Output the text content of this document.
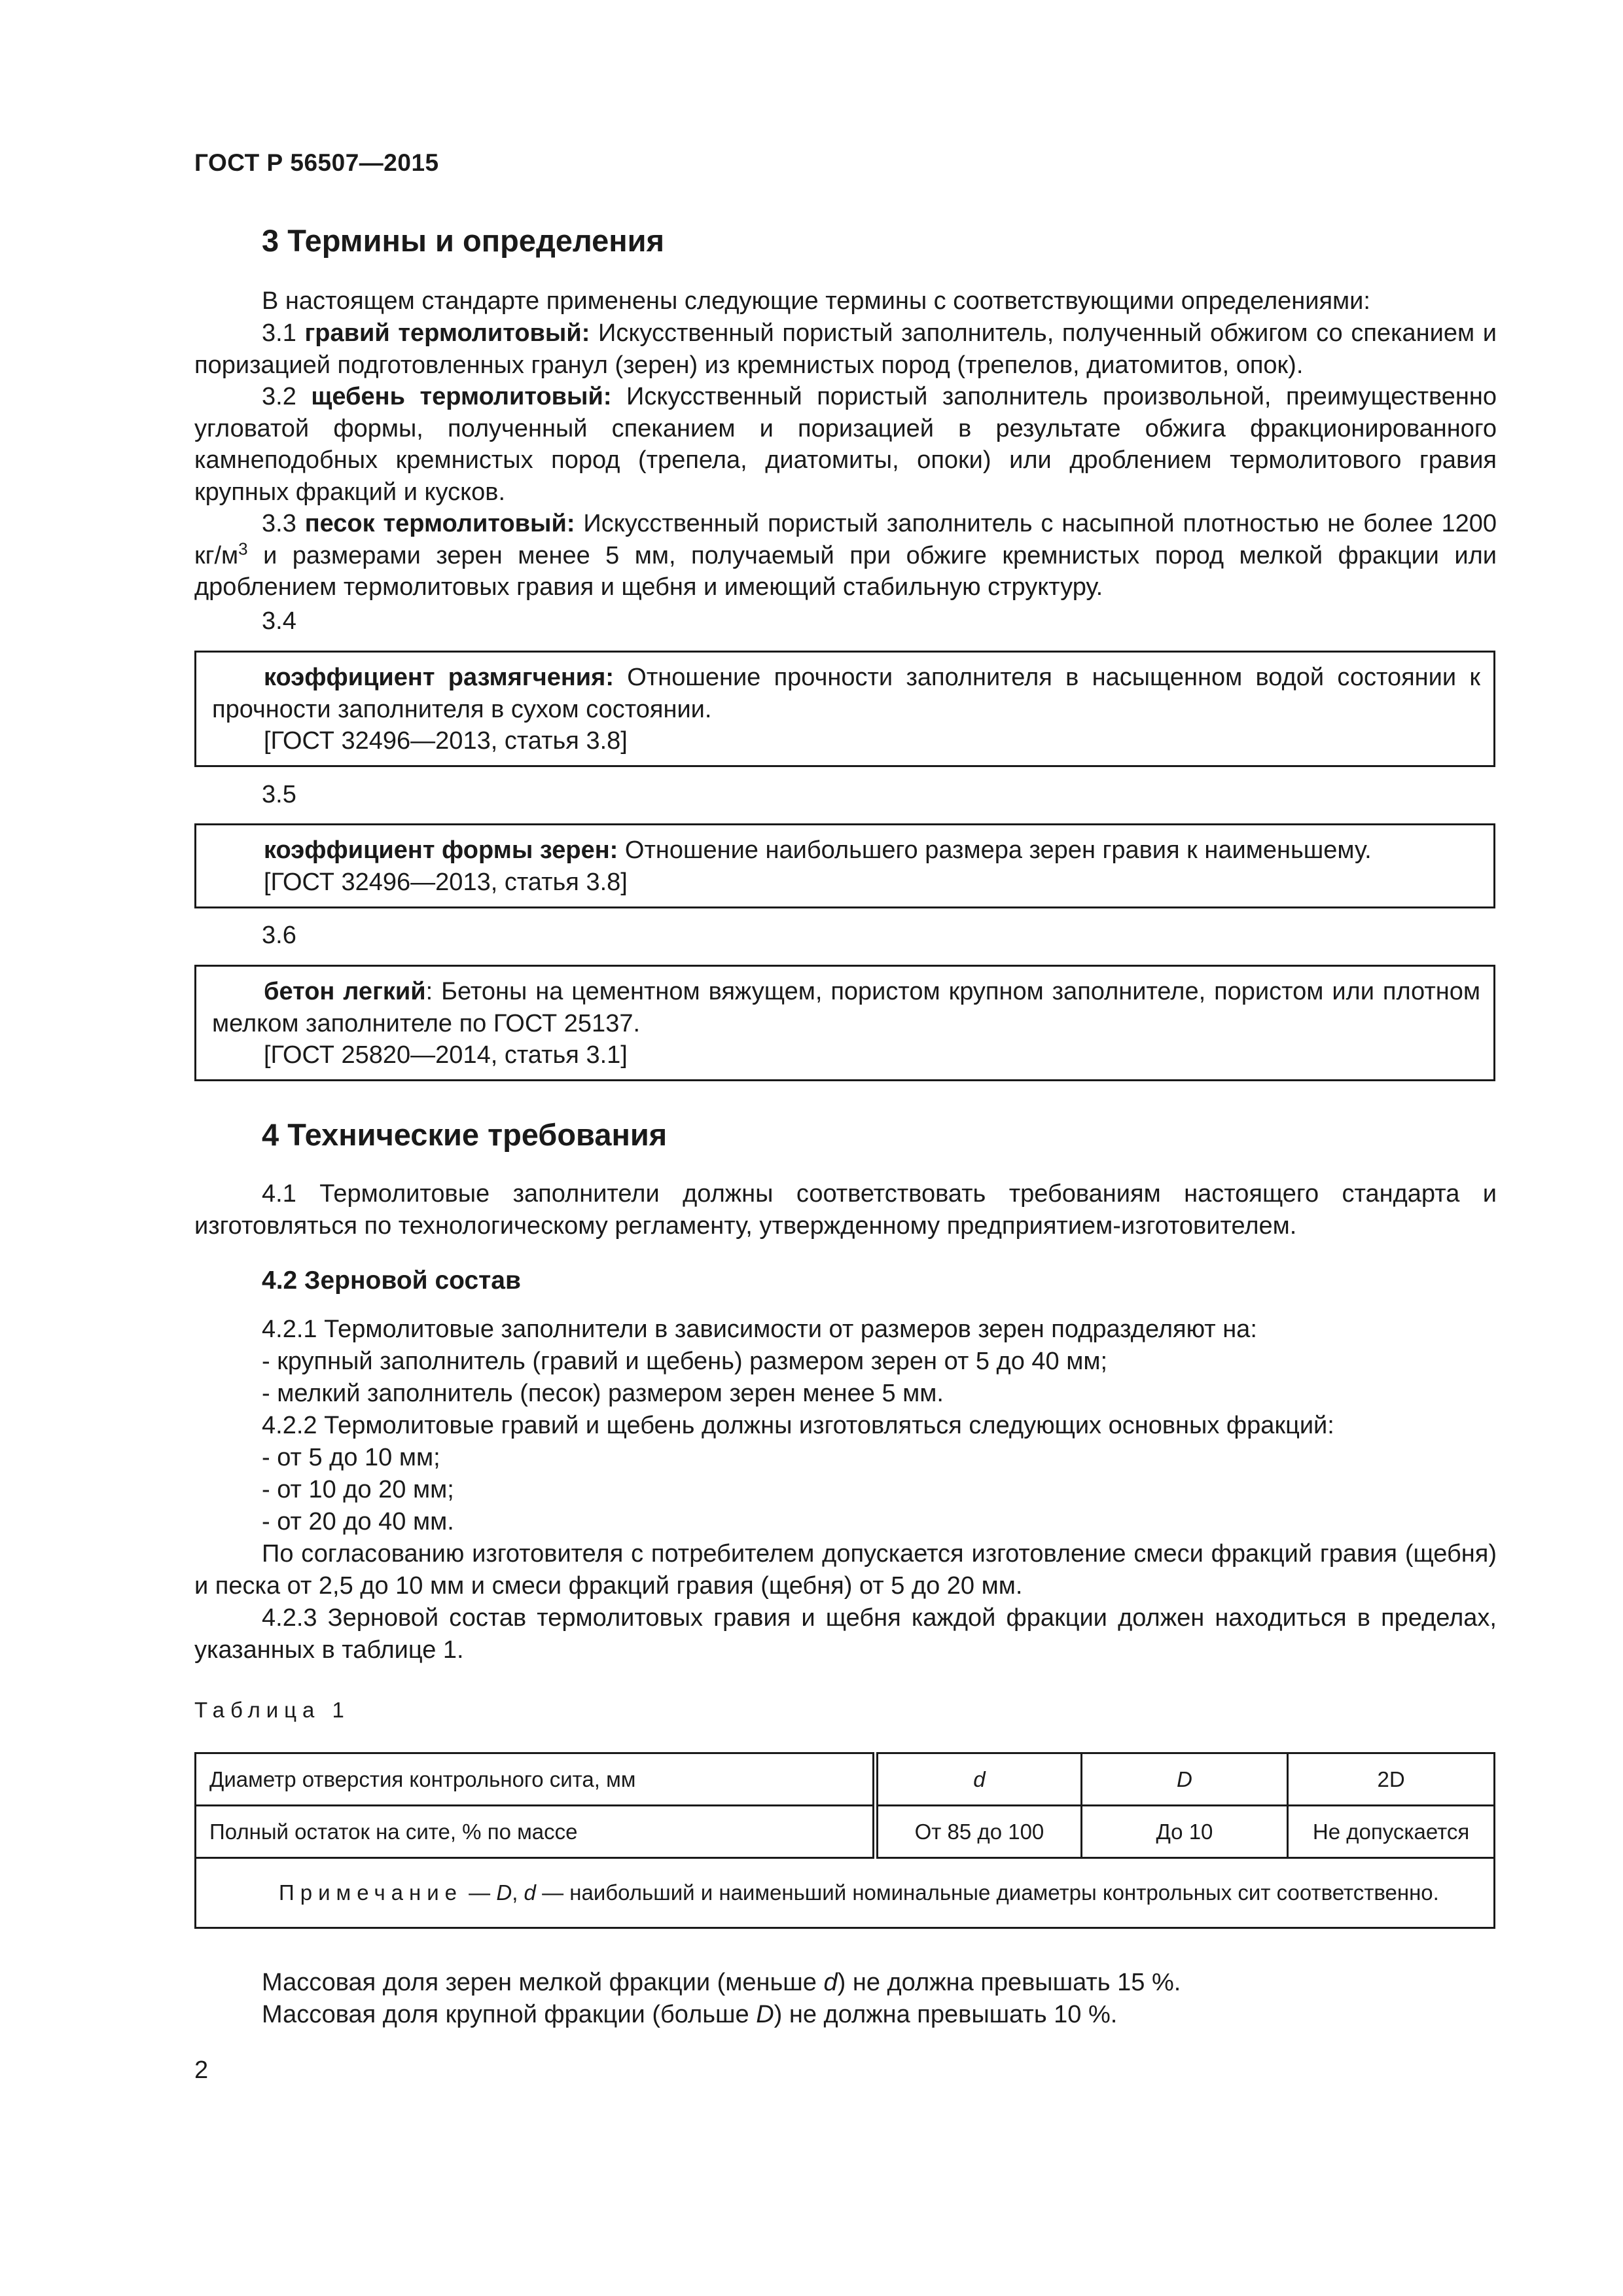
ГОСТ Р 56507—2015
3 Термины и определения

В настоящем стандарте применены следующие термины с соответствующими определениями:

3.1 гравий термолитовый: Искусственный пористый заполнитель, полученный обжигом со спеканием и поризацией подготовленных гранул (зерен) из кремнистых пород (трепелов, диатомитов, опок).

3.2 щебень термолитовый: Искусственный пористый заполнитель произвольной, преимущественно угловатой формы, полученный спеканием и поризацией в результате обжига фракционированного камнеподобных кремнистых пород (трепела, диатомиты, опоки) или дроблением термолитового гравия крупных фракций и кусков.

3.3 песок термолитовый: Искусственный пористый заполнитель с насыпной плотностью не более 1200 $кг/м^3$ и размерами зерен менее 5 мм, получаемый при обжиге кремнистых пород мелкой фракции или дроблением термолитовых гравия и щебня и имеющий стабильную структуру.

3.4

коэффициент размягчения: Отношение прочности заполнителя в насыщенном водой состоянии к прочности заполнителя в сухом состоянии.

[ГОСТ 32496—2013, статья 3.8]
3.5

коэффициент формы зерен: Отношение наибольшего размера зерен гравия к наименьшему.

[ГОСТ 32496—2013, статья 3.8]
3.6

бетон легкий: Бетоны на цементном вяжущем, пористом крупном заполнителе, пористом или плотном мелком заполнителе по ГОСТ 25137.

[ГОСТ 25820—2014, статья 3.1]
4 Технические требования

4.1 Термолитовые заполнители должны соответствовать требованиям настоящего стандарта и изготовляться по технологическому регламенту, утвержденному предприятием-изготовителем.

4.2 Зерновой состав
4.2.1 Термолитовые заполнители в зависимости от размеров зерен подразделяют на:
- крупный заполнитель (гравий и щебень) размером зерен от 5 до 40 мм;
- мелкий заполнитель (песок) размером зерен менее 5 мм.
4.2.2 Термолитовые гравий и щебень должны изготовляться следующих основных фракций:
- от 5 до 10 мм;
- от 10 до 20 мм;
- от 20 до 40 мм.

По согласованию изготовителя с потребителем допускается изготовление смеси фракций гравия (щебня) и песка от 2,5 до 10 мм и смеси фракций гравия (щебня) от 5 до 20 мм.

4.2.3 Зерновой состав термолитовых гравия и щебня каждой фракции должен находиться в пределах, указанных в таблице 1.

Таблица 1
Диаметр отверстия контрольного сита, мм	d	D	2D
Полный остаток на сите, % по массе	От 85 до 100	До 10	Не допускается
Примечание — D, d — наибольший и наименьший номинальные диаметры контрольных сит соответственно.			
Массовая доля зерен мелкой фракции (меньше d) не должна превышать 15 %.
Массовая доля крупной фракции (больше D) не должна превышать 10 %.
2
